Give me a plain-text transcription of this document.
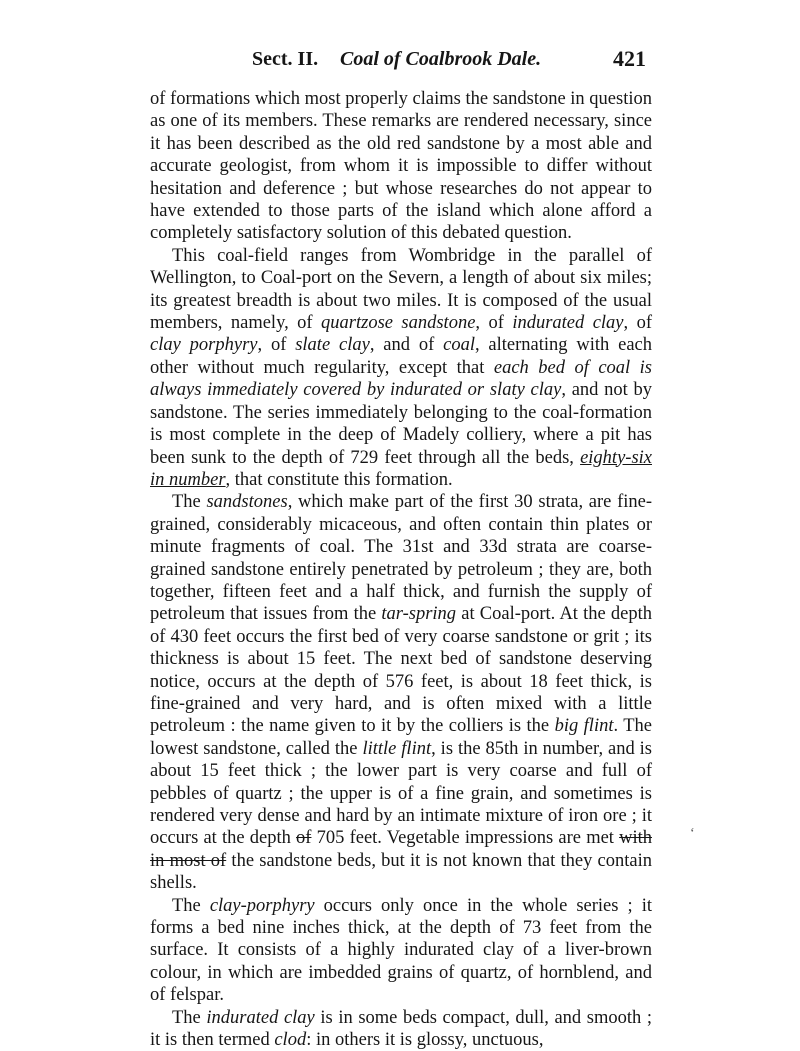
Sect. II. Coal of Coalbrook Dale.	421

of formations which most properly claims the sandstone in question as one of its members. These remarks are rendered necessary, since it has been described as the old red sandstone by a most able and accurate geologist, from whom it is impossible to differ without hesitation and deference ; but whose researches do not appear to have extended to those parts of the island which alone afford a completely satisfactory solution of this debated question.

This coal-field ranges from Wombridge in the parallel of Wellington, to Coal-port on the Severn, a length of about six miles; its greatest breadth is about two miles. It is composed of the usual members, namely, of quartzose sandstone, of indurated clay, of clay porphyry, of slate clay, and of coal, alternating with each other without much regularity, except that each bed of coal is always immediately covered by indurated or slaty clay, and not by sandstone. The series immediately belonging to the coal-formation is most complete in the deep of Madely colliery, where a pit has been sunk to the depth of 729 feet through all the beds, eighty-six in number, that constitute this formation.

The sandstones, which make part of the first 30 strata, are fine-grained, considerably micaceous, and often contain thin plates or minute fragments of coal. The 31st and 33d strata are coarse-grained sandstone entirely penetrated by petroleum ; they are, both together, fifteen feet and a half thick, and furnish the supply of petroleum that issues from the tar-spring at Coal-port. At the depth of 430 feet occurs the first bed of very coarse sandstone or grit ; its thickness is about 15 feet. The next bed of sandstone deserving notice, occurs at the depth of 576 feet, is about 18 feet thick, is fine-grained and very hard, and is often mixed with a little petroleum : the name given to it by the colliers is the big flint. The lowest sandstone, called the little flint, is the 85th in number, and is about 15 feet thick ; the lower part is very coarse and full of pebbles of quartz ; the upper is of a fine grain, and sometimes is rendered very dense and hard by an intimate mixture of iron ore ; it occurs at the depth of 705 feet. Vegetable impressions are met with in most of the sandstone beds, but it is not known that they contain shells.

The clay-porphyry occurs only once in the whole series ; it forms a bed nine inches thick, at the depth of 73 feet from the surface. It consists of a highly indurated clay of a liver-brown colour, in which are imbedded grains of quartz, of hornblend, and of felspar.

The indurated clay is in some beds compact, dull, and smooth ; it is then termed clod: in others it is glossy, unctuous,

‘
